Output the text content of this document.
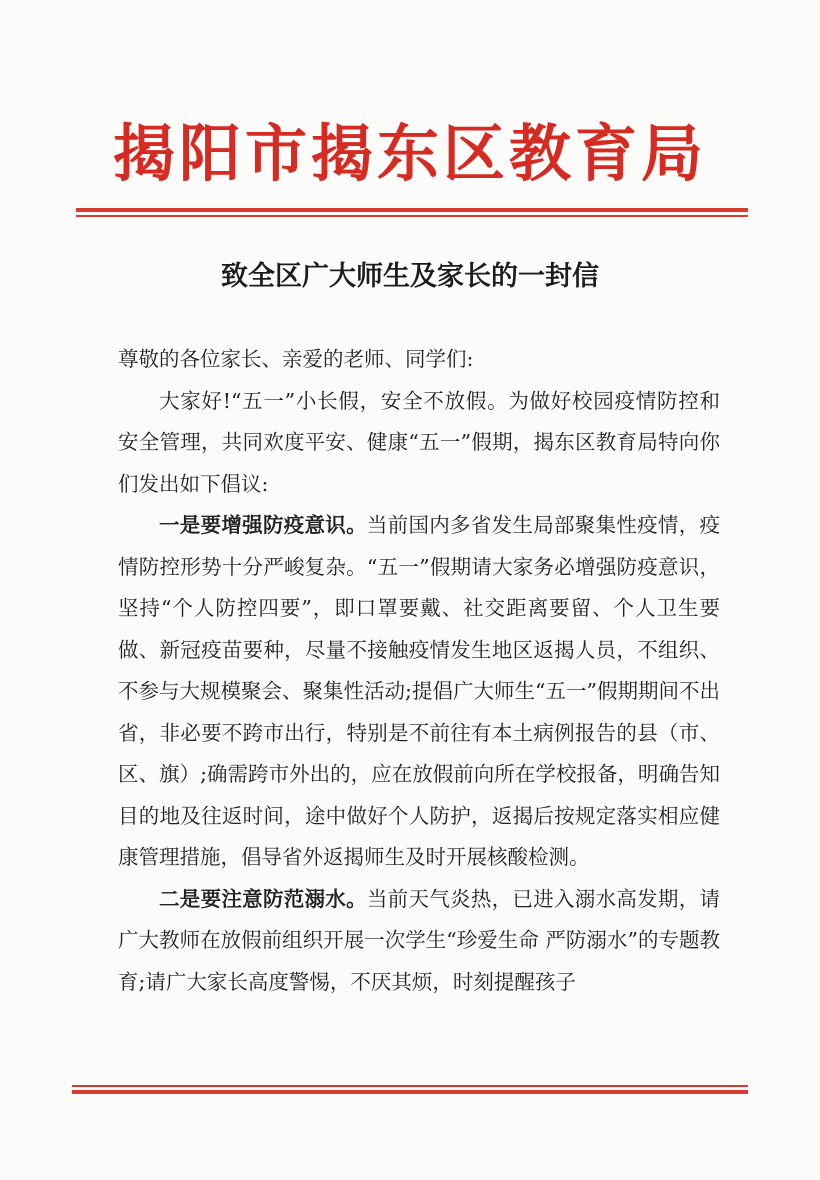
揭阳市揭东区教育局
致全区广大师生及家长的一封信

尊敬的各位家长、亲爱的老师、同学们:

大家好!“五一”小长假，安全不放假。为做好校园疫情防控和安全管理，共同欢度平安、健康“五一”假期，揭东区教育局特向你们发出如下倡议:

一是要增强防疫意识。当前国内多省发生局部聚集性疫情，疫情防控形势十分严峻复杂。“五一”假期请大家务必增强防疫意识，坚持“个人防控四要”，即口罩要戴、社交距离要留、个人卫生要做、新冠疫苗要种，尽量不接触疫情发生地区返揭人员，不组织、不参与大规模聚会、聚集性活动;提倡广大师生“五一”假期期间不出省，非必要不跨市出行，特别是不前往有本土病例报告的县（市、区、旗）;确需跨市外出的，应在放假前向所在学校报备，明确告知目的地及往返时间，途中做好个人防护，返揭后按规定落实相应健康管理措施，倡导省外返揭师生及时开展核酸检测。

二是要注意防范溺水。当前天气炎热，已进入溺水高发期，请广大教师在放假前组织开展一次学生“珍爱生命 严防溺水”的专题教育;请广大家长高度警惕，不厌其烦，时刻提醒孩子
